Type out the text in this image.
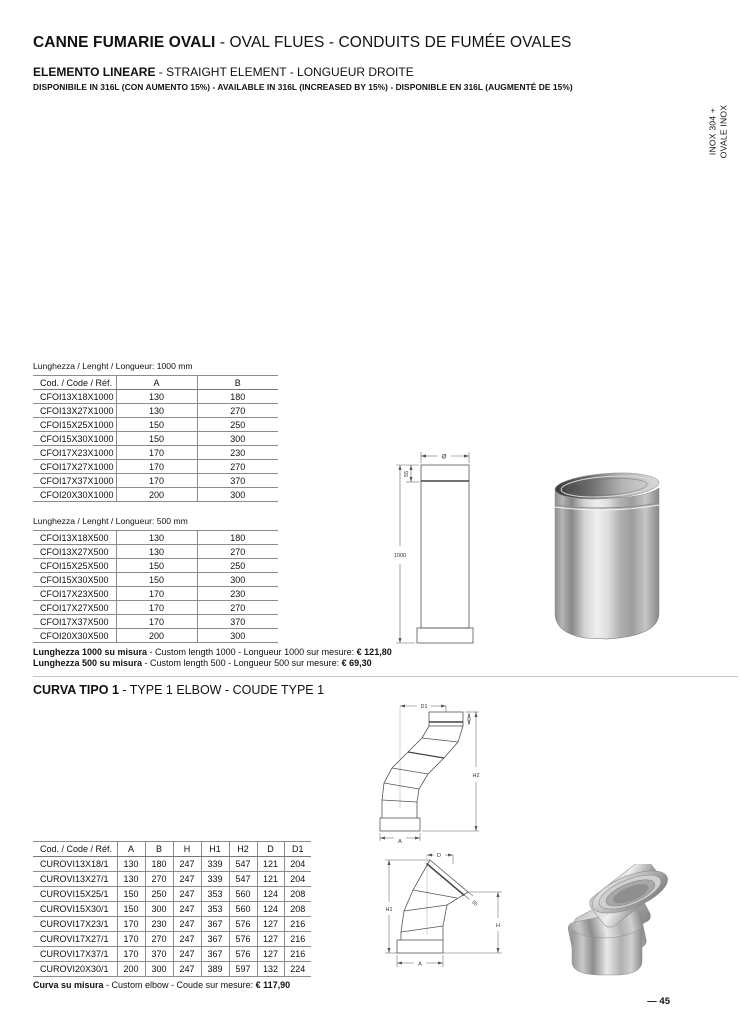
CANNE FUMARIE OVALI - OVAL FLUES - CONDUITS DE FUMÉE OVALES
ELEMENTO LINEARE - STRAIGHT ELEMENT - LONGUEUR DROITE
DISPONIBILE IN 316L (CON AUMENTO 15%) - AVAILABLE IN 316L (INCREASED BY 15%) - DISPONIBLE EN 316L (AUGMENTÉ DE 15%)
INOX 304 + OVALE INOX
Lunghezza / Lenght / Longueur: 1000 mm
Cod. / Code / Réf.	A	B
CFOI13X18X1000	130	180
CFOI13X27X1000	130	270
CFOI15X25X1000	150	250
CFOI15X30X1000	150	300
CFOI17X23X1000	170	230
CFOI17X27X1000	170	270
CFOI17X37X1000	170	370
CFOI20X30X1000	200	300
Lunghezza / Lenght / Longueur: 500 mm
CFOI13X18X500	130	180
CFOI13X27X500	130	270
CFOI15X25X500	150	250
CFOI15X30X500	150	300
CFOI17X23X500	170	230
CFOI17X27X500	170	270
CFOI17X37X500	170	370
CFOI20X30X500	200	300
Lunghezza 1000 su misura - Custom length 1000 - Longueur 1000 sur mesure: € 121,80
Lunghezza 500 su misura - Custom length 500 - Longueur 500 sur mesure: € 69,30
CURVA TIPO 1 - TYPE 1 ELBOW - COUDE TYPE 1
Ø
55
1000
D1
H2
A
D
H1
H
A
55
Cod. / Code / Réf.	A	B	H	H1	H2	D	D1
CUROVI13X18/1	130	180	247	339	547	121	204
CUROVI13X27/1	130	270	247	339	547	121	204
CUROVI15X25/1	150	250	247	353	560	124	208
CUROVI15X30/1	150	300	247	353	560	124	208
CUROVI17X23/1	170	230	247	367	576	127	216
CUROVI17X27/1	170	270	247	367	576	127	216
CUROVI17X37/1	170	370	247	367	576	127	216
CUROVI20X30/1	200	300	247	389	597	132	224
Curva su misura - Custom elbow - Coude sur mesure: € 117,90
— 45
